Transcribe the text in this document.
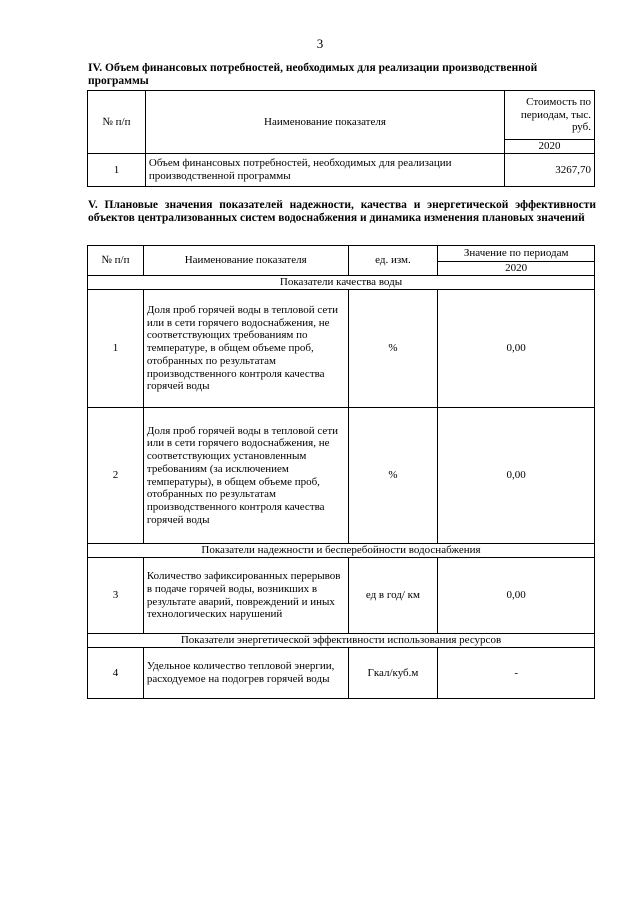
3
IV. Объем финансовых потребностей, необходимых для реализации производственной программы
№ п/п	Наименование показателя	Стоимость по периодам, тыс. руб.
		2020
1	Объем финансовых потребностей, необходимых для реализации производственной программы	3267,70
V. Плановые значения показателей надежности, качества и энергетической эффективности объектов централизованных систем водоснабжения и динамика изменения плановых значений
№ п/п	Наименование показателя	ед. изм.	Значение по периодам
			2020
Показатели качества воды			
1	Доля проб горячей воды в тепловой сети или в сети горячего водоснабжения, не соответствующих требованиям по температуре, в общем объеме проб, отобранных по результатам производственного контроля качества горячей воды	%	0,00
2	Доля проб горячей воды в тепловой сети или в сети горячего водоснабжения, не соответствующих установленным требованиям (за исключением температуры), в общем объеме проб, отобранных по результатам производственного контроля качества горячей воды	%	0,00
Показатели надежности и бесперебойности водоснабжения			
3	Количество зафиксированных перерывов в подаче горячей воды, возникших в результате аварий, повреждений и иных технологических нарушений	ед в год/ км	0,00
Показатели энергетической эффективности использования ресурсов			
4	Удельное количество тепловой энергии, расходуемое на подогрев горячей воды	Гкал/куб.м	-
